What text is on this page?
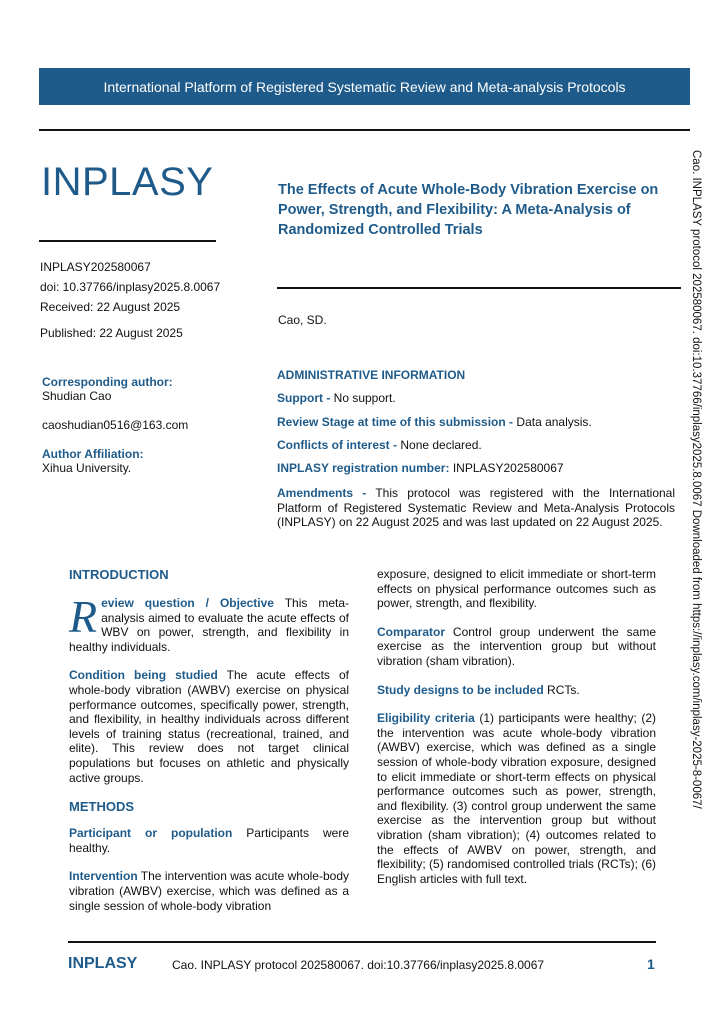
International Platform of Registered Systematic Review and Meta-analysis Protocols
INPLASY
INPLASY202580067
doi: 10.37766/inplasy2025.8.0067
Received: 22 August 2025
Published: 22 August 2025
Corresponding author:
Shudian Cao
caoshudian0516@163.com
Author Affiliation:
Xihua University.
The Effects of Acute Whole-Body Vibration Exercise on Power, Strength, and Flexibility: A Meta-Analysis of Randomized Controlled Trials
Cao, SD.
ADMINISTRATIVE INFORMATION
Support - No support.
Review Stage at time of this submission - Data analysis.
Conflicts of interest - None declared.
INPLASY registration number: INPLASY202580067
Amendments - This protocol was registered with the International Platform of Registered Systematic Review and Meta-Analysis Protocols (INPLASY) on 22 August 2025 and was last updated on 22 August 2025.
INTRODUCTION
Review question / Objective This meta-analysis aimed to evaluate the acute effects of WBV on power, strength, and flexibility in healthy individuals.
Condition being studied The acute effects of whole-body vibration (AWBV) exercise on physical performance outcomes, specifically power, strength, and flexibility, in healthy individuals across different levels of training status (recreational, trained, and elite). This review does not target clinical populations but focuses on athletic and physically active groups.
METHODS
Participant or population Participants were healthy.
Intervention The intervention was acute whole-body vibration (AWBV) exercise, which was defined as a single session of whole-body vibration
exposure, designed to elicit immediate or short-term effects on physical performance outcomes such as power, strength, and flexibility.
Comparator Control group underwent the same exercise as the intervention group but without vibration (sham vibration).
Study designs to be included RCTs.
Eligibility criteria (1) participants were healthy; (2) the intervention was acute whole-body vibration (AWBV) exercise, which was defined as a single session of whole-body vibration exposure, designed to elicit immediate or short-term effects on physical performance outcomes such as power, strength, and flexibility. (3) control group underwent the same exercise as the intervention group but without vibration (sham vibration); (4) outcomes related to the effects of AWBV on power, strength, and flexibility; (5) randomised controlled trials (RCTs); (6) English articles with full text.
Cao. INPLASY protocol 202580067. doi:10.37766/inplasy2025.8.0067 Downloaded from https://inplasy.com/inplasy-2025-8-0067/
INPLASY	Cao. INPLASY protocol 202580067. doi:10.37766/inplasy2025.8.0067	1
